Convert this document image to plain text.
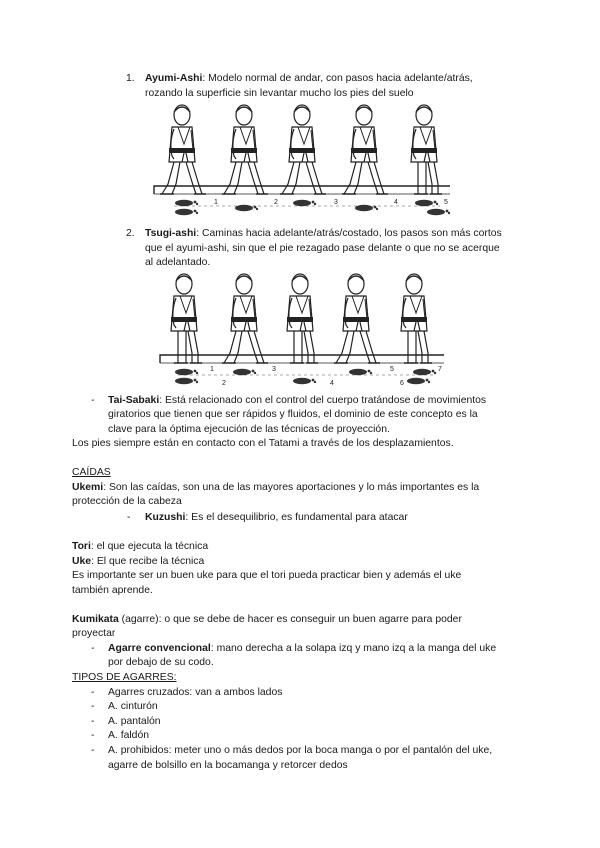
1. Ayumi-Ashi: Modelo normal de andar, con pasos hacia adelante/atrás,
rozando la superficie sin levantar mucho los pies del suelo
1	2	3	4	5
2. Tsugi-ashi: Caminas hacia adelante/atrás/costado, los pasos son más cortos
que el ayumi-ashi, sin que el pie rezagado pase delante o que no se acerque
al adelantado.
1
2
3
4
5
6
7
- Tai-Sabaki: Está relacionado con el control del cuerpo tratándose de movimientos
giratorios que tienen que ser rápidos y fluidos, el dominio de este concepto es la
clave para la óptima ejecución de las técnicas de proyección.
Los pies siempre están en contacto con el Tatami a través de los desplazamientos.
CAÍDAS
Ukemi: Son las caídas, son una de las mayores aportaciones y lo más importantes es la
protección de la cabeza
- Kuzushi: Es el desequilibrio, es fundamental para atacar
Tori: el que ejecuta la técnica
Uke: El que recibe la técnica
Es importante ser un buen uke para que el tori pueda practicar bien y además el uke
también aprende.
Kumikata (agarre): o que se debe de hacer es conseguir un buen agarre para poder
proyectar
- Agarre convencional: mano derecha a la solapa izq y mano izq a la manga del uke
por debajo de su codo.
TIPOS DE AGARRES:
- Agarres cruzados: van a ambos lados
- A. cinturón
- A. pantalón
- A. faldón
- A. prohibidos: meter uno o más dedos por la boca manga o por el pantalón del uke,
agarre de bolsillo en la bocamanga y retorcer dedos
